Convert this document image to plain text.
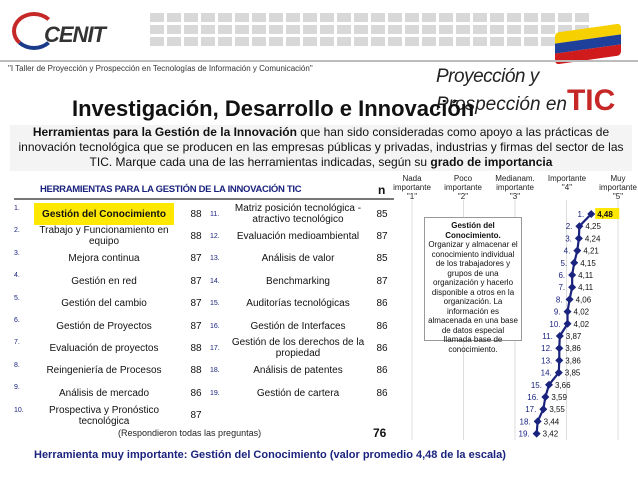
CENIT
"I Taller de Proyección y Prospección en Tecnologías de Información y Comunicación"	Proyección y
Prospección enTIC
Investigación, Desarrollo e Innovación
Herramientas para la Gestión de la Innovación que han sido consideradas como apoyo a las prácticas de innovación tecnológica que se producen en las empresas públicas y privadas, industrias y firmas del sector de las TIC. Marque cada una de las herramientas indicadas, según su grado de importancia
HERRAMIENTAS PARA LA GESTIÓN DE LA INNOVACIÓN TIC	n
1.	Gestión del Conocimiento	88	11.	Matriz posición tecnológica - atractivo tecnológico	85
2.	Trabajo y Funcionamiento en equipo	88	12.	Evaluación medioambiental	87
3.	Mejora continua	87	13.	Análisis de valor	85
4.	Gestión en red	87	14.	Benchmarking	87
5.	Gestión del cambio	87	15.	Auditorías tecnológicas	86
6.	Gestión de Proyectos	87	16.	Gestión de Interfaces	86
7.	Evaluación de proyectos	88	17.	Gestión de los derechos de la propiedad	86
8.	Reingeniería de Procesos	88	18.	Análisis de patentes	86
9.	Análisis de mercado	86	19.	Gestión de cartera	86
10.	Prospectiva y Pronóstico tecnológica	87
(Respondieron todas las preguntas)	76
Nada importante
"1"
Poco importante
"2"
Medianam. importante
"3"
Importante
"4"
Muy importante
"5"
1. 4,48
2. 4,25
3. 4,24
4. 4,21
5. 4,15
6. 4,11
7. 4,11
8. 4,06
9. 4,02
10. 4,02
11. 3,87
12. 3,86
13. 3,86
14. 3,85
15. 3,66
16. 3,59
17. 3,55
18. 3,44
19. 3,42
Gestión del Conocimiento.
Organizar y almacenar el conocimiento individual de los trabajadores y grupos de una organización y hacerlo disponible a otros en la organización. La información es almacenada en una base de datos especial llamada base de conocimiento.
Herramienta muy importante: Gestión del Conocimiento (valor promedio 4,48 de la escala)
